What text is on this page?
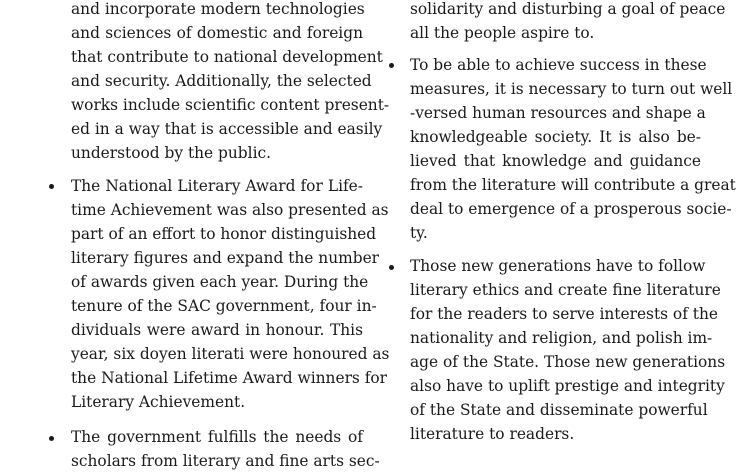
and incorporate modern technologies
and sciences of domestic and foreign
that contribute to national development
and security. Additionally, the selected
works include scientific content present-
ed in a way that is accessible and easily
understood by the public.
The National Literary Award for Life-
time Achievement was also presented as
part of an effort to honor distinguished
literary figures and expand the number
of awards given each year. During the
tenure of the SAC government, four in-
dividuals were award in honour. This
year, six doyen literati were honoured as
the National Lifetime Award winners for
Literary Achievement.
The government fulfills the needs of
scholars from literary and fine arts sec-
solidarity and disturbing a goal of peace
all the people aspire to.
To be able to achieve success in these
measures, it is necessary to turn out well
-versed human resources and shape a
knowledgeable society. It is also be-
lieved that knowledge and guidance
from the literature will contribute a great
deal to emergence of a prosperous socie-
ty.
Those new generations have to follow
literary ethics and create fine literature
for the readers to serve interests of the
nationality and religion, and polish im-
age of the State. Those new generations
also have to uplift prestige and integrity
of the State and disseminate powerful
literature to readers.
